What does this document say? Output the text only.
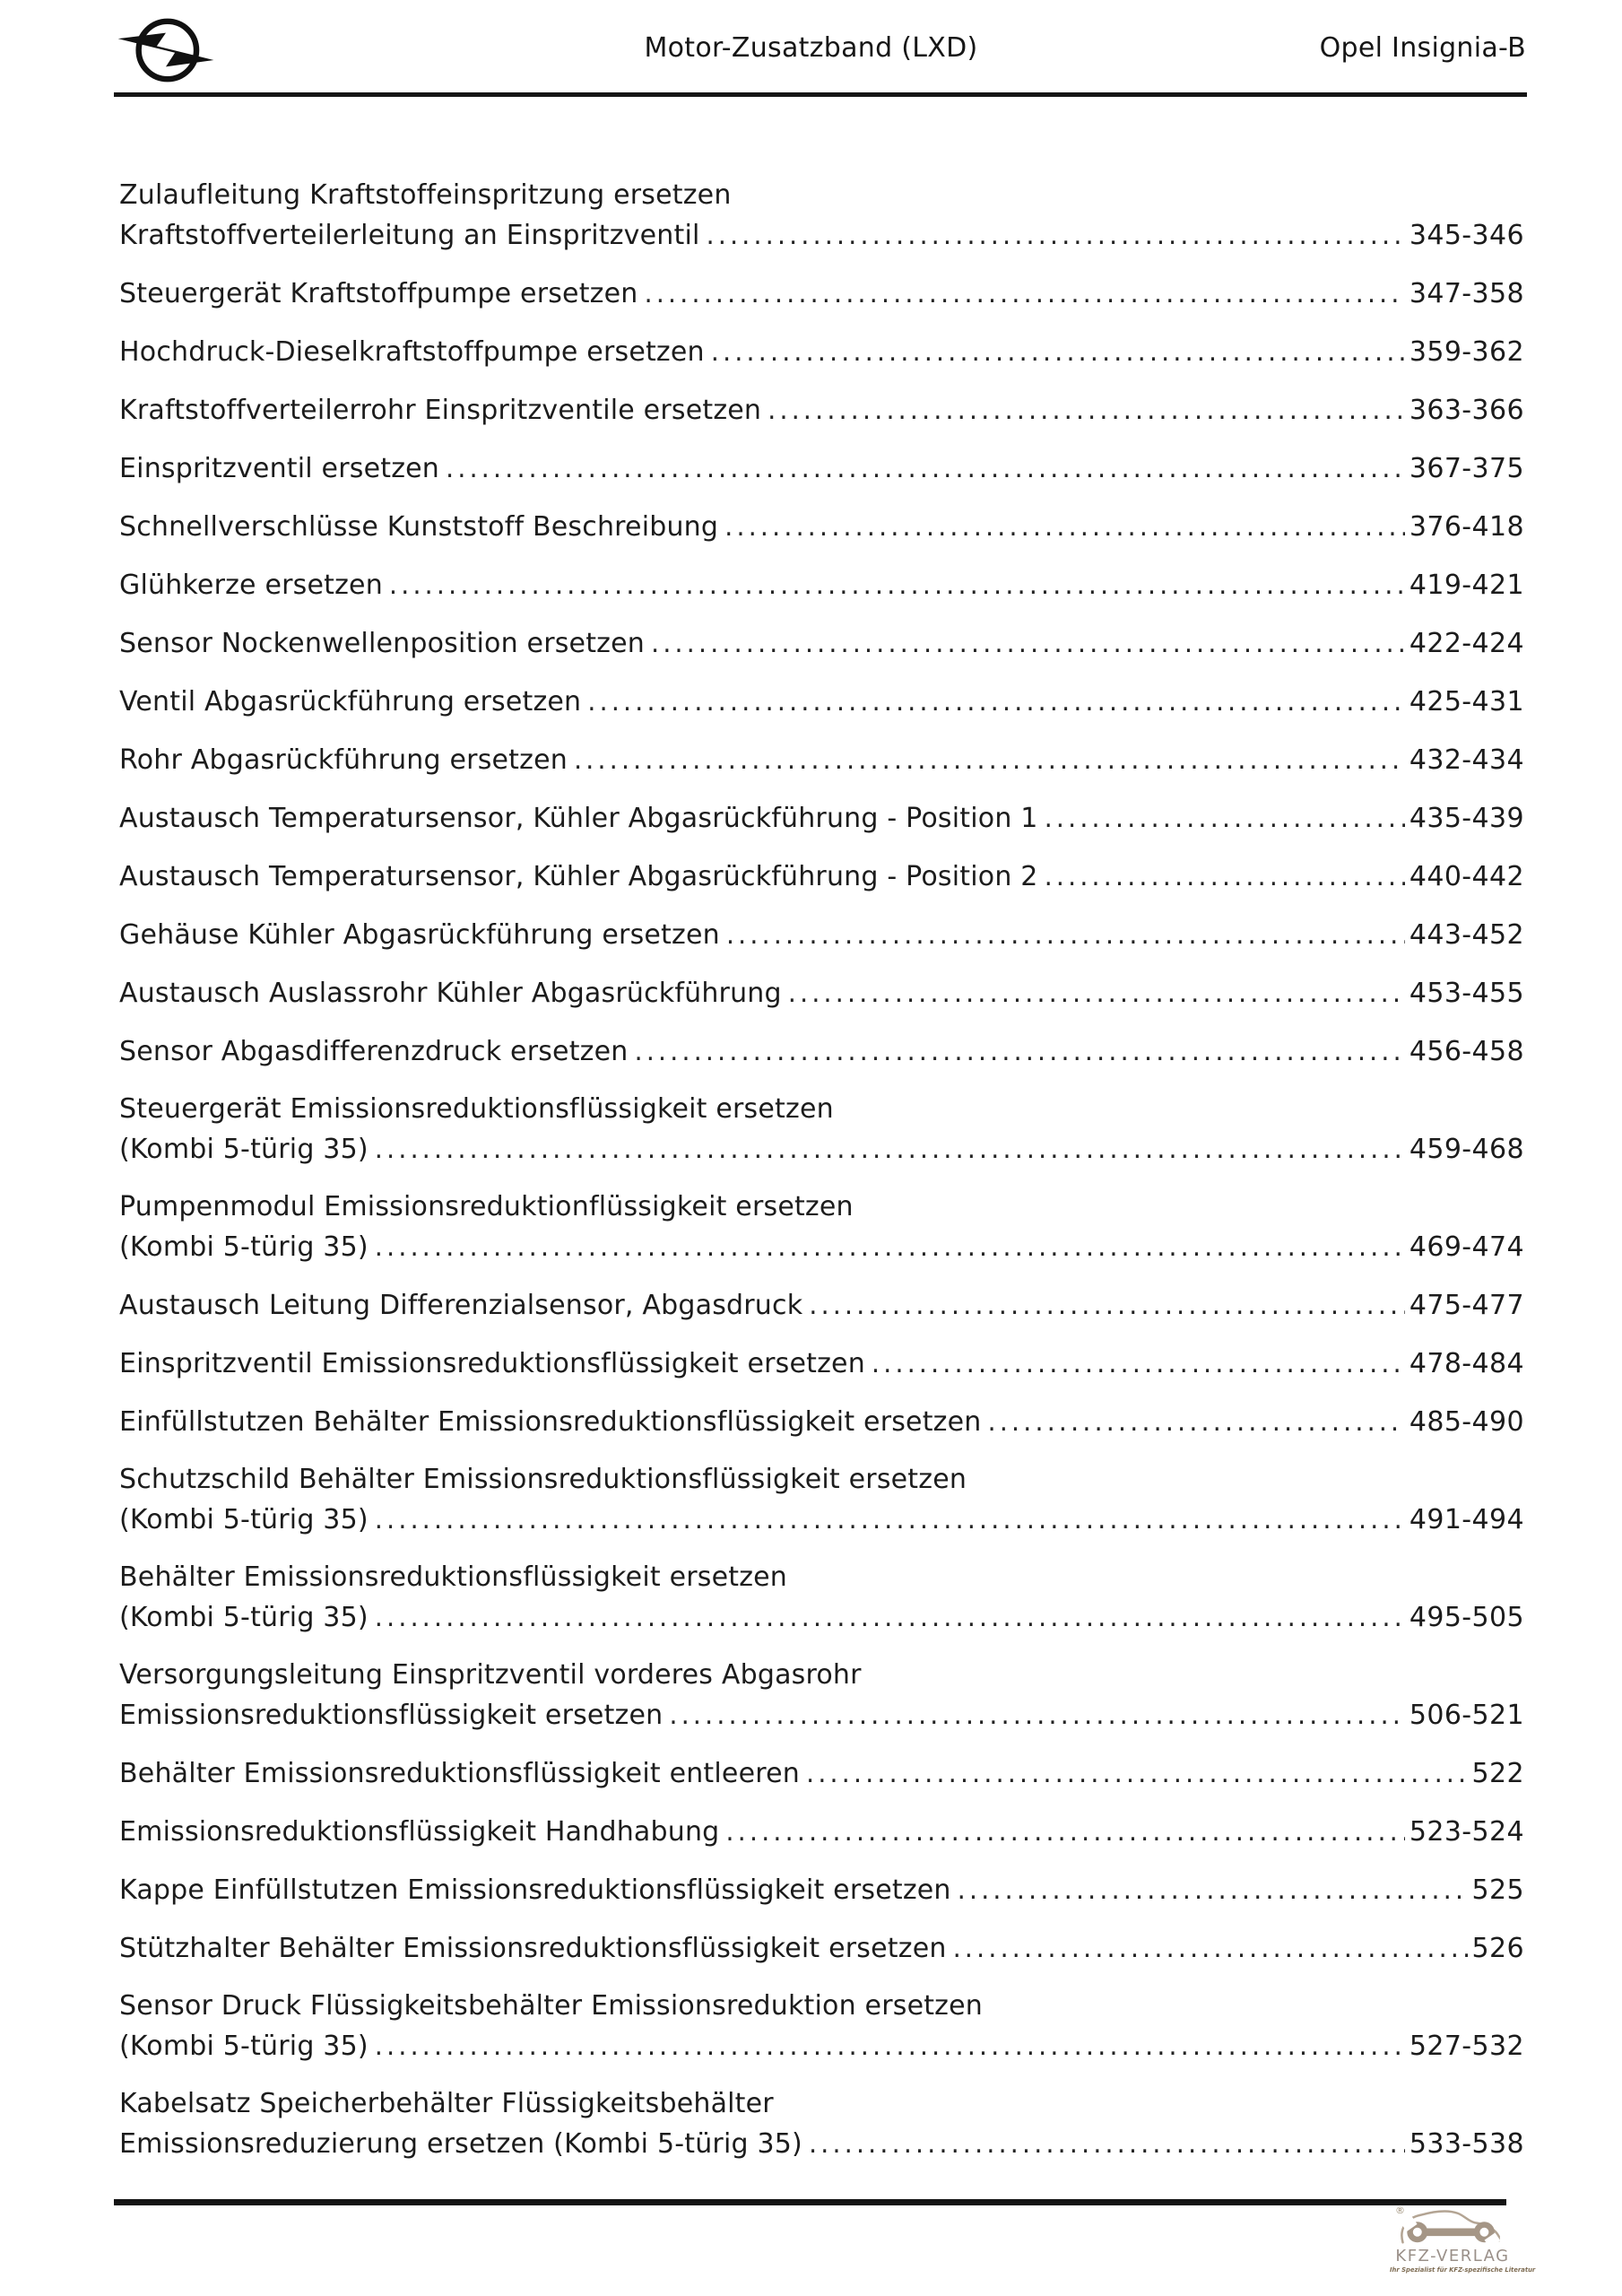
Motor-Zusatzband (LXD)	Opel Insignia-B
Zulaufleitung Kraftstoffeinspritzung ersetzen
Kraftstoffverteilerleitung an Einspritzventil .....	345-346
Steuergerät Kraftstoffpumpe ersetzen .....	347-358
Hochdruck-Dieselkraftstoffpumpe ersetzen .....	359-362
Kraftstoffverteilerrohr Einspritzventile ersetzen .....	363-366
Einspritzventil ersetzen .....	367-375
Schnellverschlüsse Kunststoff Beschreibung .....	376-418
Glühkerze ersetzen .....	419-421
Sensor Nockenwellenposition ersetzen .....	422-424
Ventil Abgasrückführung ersetzen .....	425-431
Rohr Abgasrückführung ersetzen .....	432-434
Austausch Temperatursensor, Kühler Abgasrückführung - Position 1 .....	435-439
Austausch Temperatursensor, Kühler Abgasrückführung - Position 2 .....	440-442
Gehäuse Kühler Abgasrückführung ersetzen .....	443-452
Austausch Auslassrohr Kühler Abgasrückführung .....	453-455
Sensor Abgasdifferenzdruck ersetzen .....	456-458
Steuergerät Emissionsreduktionsflüssigkeit ersetzen
(Kombi 5-türig 35) .....	459-468
Pumpenmodul Emissionsreduktionflüssigkeit ersetzen
(Kombi 5-türig 35) .....	469-474
Austausch Leitung Differenzialsensor, Abgasdruck .....	475-477
Einspritzventil Emissionsreduktionsflüssigkeit ersetzen .....	478-484
Einfüllstutzen Behälter Emissionsreduktionsflüssigkeit ersetzen .....	485-490
Schutzschild Behälter Emissionsreduktionsflüssigkeit ersetzen
(Kombi 5-türig 35) .....	491-494
Behälter Emissionsreduktionsflüssigkeit ersetzen
(Kombi 5-türig 35) .....	495-505
Versorgungsleitung Einspritzventil vorderes Abgasrohr
Emissionsreduktionsflüssigkeit ersetzen .....	506-521
Behälter Emissionsreduktionsflüssigkeit entleeren .....	522
Emissionsreduktionsflüssigkeit Handhabung .....	523-524
Kappe Einfüllstutzen Emissionsreduktionsflüssigkeit ersetzen .....	525
Stützhalter Behälter Emissionsreduktionsflüssigkeit ersetzen .....	526
Sensor Druck Flüssigkeitsbehälter Emissionsreduktion ersetzen
(Kombi 5-türig 35) .....	527-532
Kabelsatz Speicherbehälter Flüssigkeitsbehälter
Emissionsreduzierung ersetzen (Kombi 5-türig 35) .....	533-538
®
KFZ-VERLAG
Ihr Spezialist für KFZ-spezifische Literatur
